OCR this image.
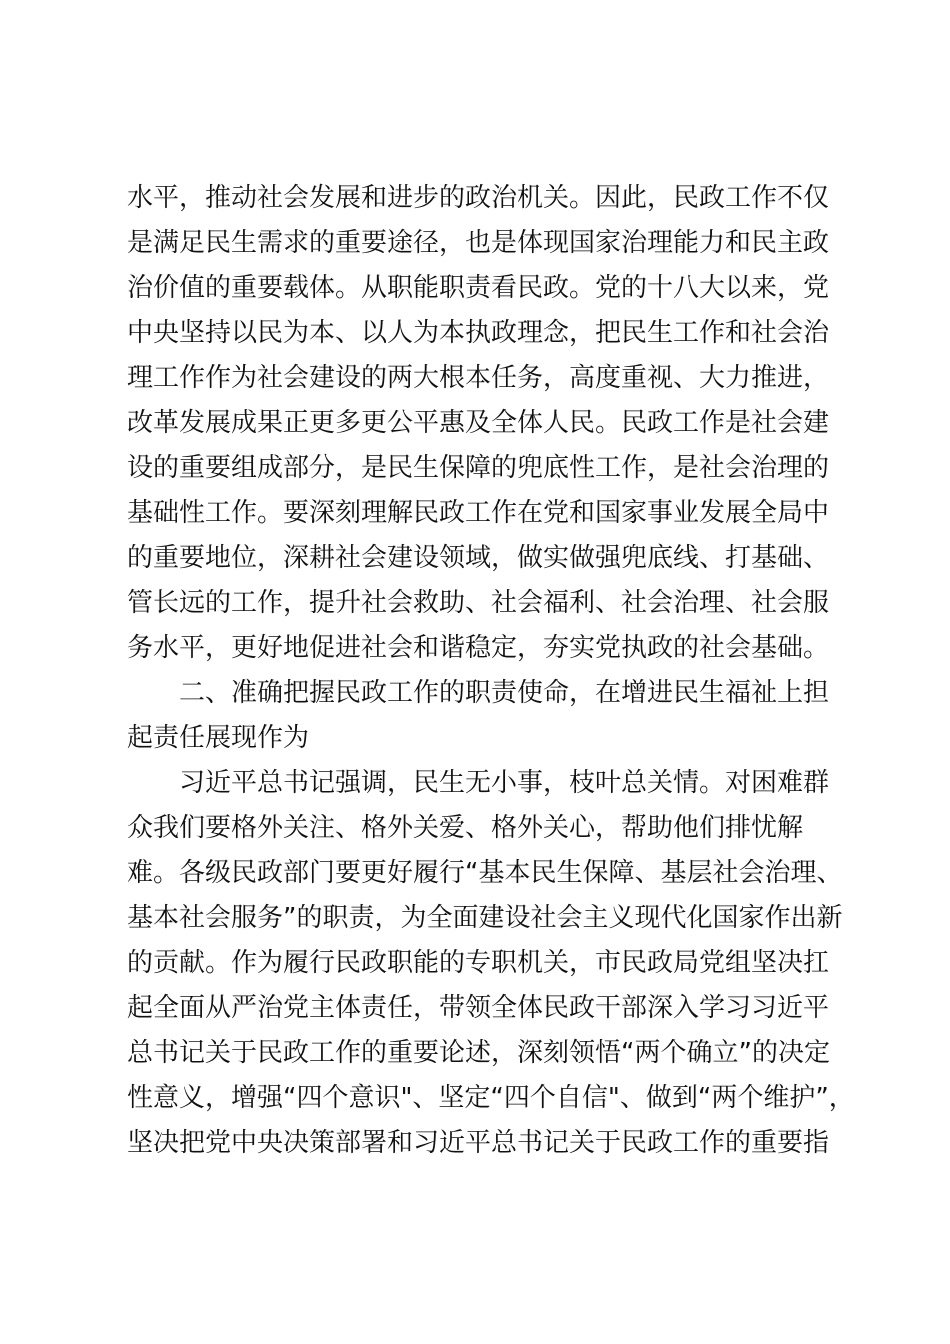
水平，推动社会发展和进步的政治机关。因此，民政工作不仅
是满足民生需求的重要途径，也是体现国家治理能力和民主政
治价值的重要载体。从职能职责看民政。党的十八大以来，党
中央坚持以民为本、以人为本执政理念，把民生工作和社会治
理工作作为社会建设的两大根本任务，高度重视、大力推进，
改革发展成果正更多更公平惠及全体人民。民政工作是社会建
设的重要组成部分，是民生保障的兜底性工作，是社会治理的
基础性工作。要深刻理解民政工作在党和国家事业发展全局中
的重要地位，深耕社会建设领域，做实做强兜底线、打基础、
管长远的工作，提升社会救助、社会福利、社会治理、社会服
务水平，更好地促进社会和谐稳定，夯实党执政的社会基础。
二、准确把握民政工作的职责使命，在增进民生福祉上担
起责任展现作为
习近平总书记强调，民生无小事，枝叶总关情。对困难群
众我们要格外关注、格外关爱、格外关心，帮助他们排忧解
难。各级民政部门要更好履行“基本民生保障、基层社会治理、
基本社会服务”的职责，为全面建设社会主义现代化国家作出新
的贡献。作为履行民政职能的专职机关，市民政局党组坚决扛
起全面从严治党主体责任，带领全体民政干部深入学习习近平
总书记关于民政工作的重要论述，深刻领悟“两个确立”的决定
性意义，增强“四个意识"、坚定“四个自信"、做到“两个维护”，
坚决把党中央决策部署和习近平总书记关于民政工作的重要指
